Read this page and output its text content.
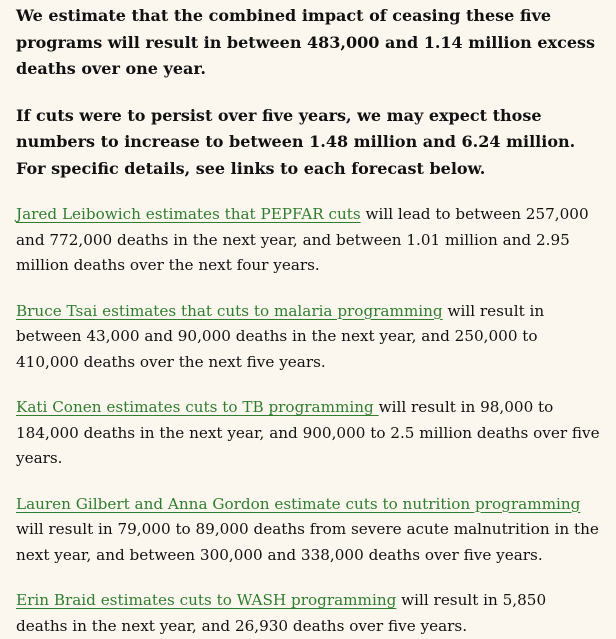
We estimate that the combined impact of ceasing these five programs will result in between 483,000 and 1.14 million excess deaths over one year.

If cuts were to persist over five years, we may expect those numbers to increase to between 1.48 million and 6.24 million. For specific details, see links to each forecast below.

Jared Leibowich estimates that PEPFAR cuts will lead to between 257,000 and 772,000 deaths in the next year, and between 1.01 million and 2.95 million deaths over the next four years.

Bruce Tsai estimates that cuts to malaria programming will result in between 43,000 and 90,000 deaths in the next year, and 250,000 to 410,000 deaths over the next five years.

Kati Conen estimates cuts to TB programming will result in 98,000 to 184,000 deaths in the next year, and 900,000 to 2.5 million deaths over five years.

Lauren Gilbert and Anna Gordon estimate cuts to nutrition programming will result in 79,000 to 89,000 deaths from severe acute malnutrition in the next year, and between 300,000 and 338,000 deaths over five years.

Erin Braid estimates cuts to WASH programming will result in 5,850 deaths in the next year, and 26,930 deaths over five years.
